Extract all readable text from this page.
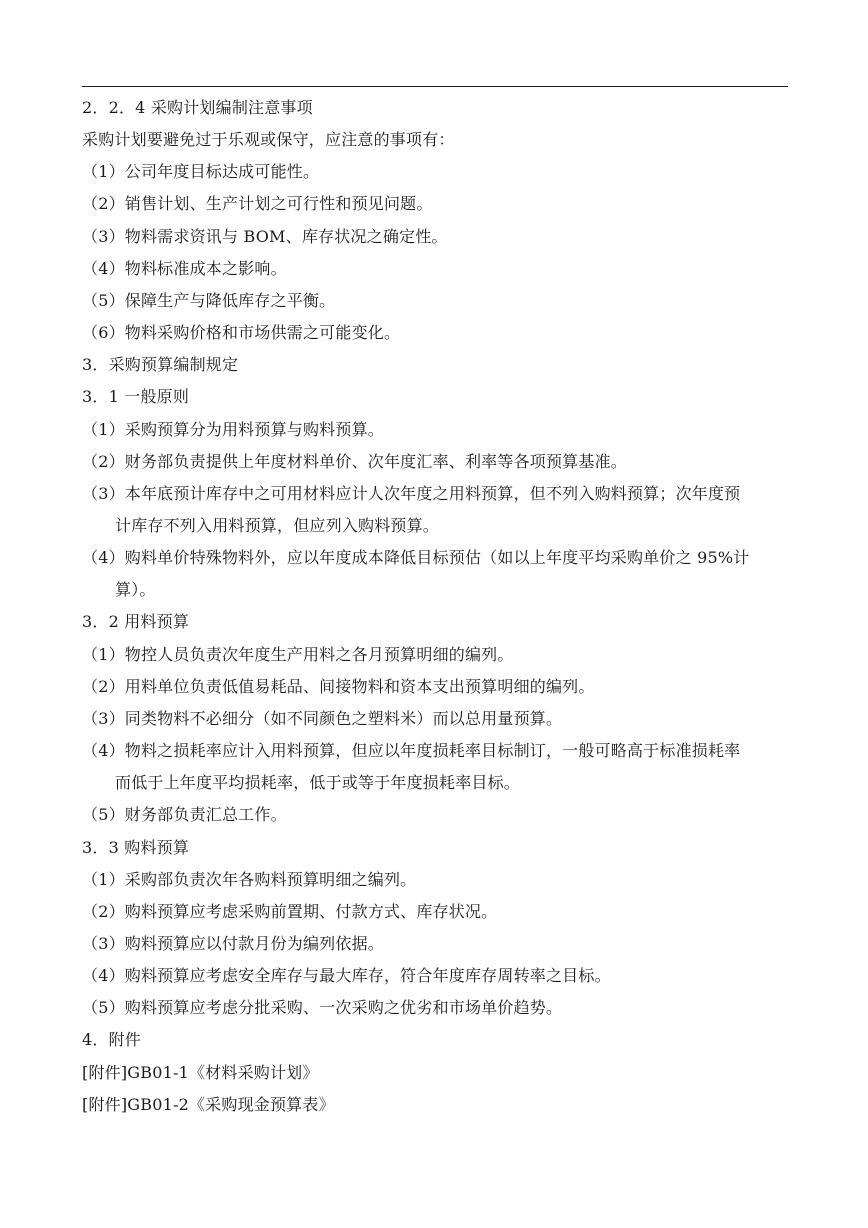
2．2．4 采购计划编制注意事项
采购计划要避免过于乐观或保守，应注意的事项有：
（1）公司年度目标达成可能性。
（2）销售计划、生产计划之可行性和预见问题。
（3）物料需求资讯与 BOM、库存状况之确定性。
（4）物料标准成本之影响。
（5）保障生产与降低库存之平衡。
（6）物料采购价格和市场供需之可能变化。
3．采购预算编制规定
3．1 一般原则
（1）采购预算分为用料预算与购料预算。
（2）财务部负责提供上年度材料单价、次年度汇率、利率等各项预算基准。
（3）本年底预计库存中之可用材料应计人次年度之用料预算，但不列入购料预算；次年度预
计库存不列入用料预算，但应列入购料预算。
（4）购料单价特殊物料外，应以年度成本降低目标预估（如以上年度平均采购单价之 95%计
算）。
3．2 用料预算
（1）物控人员负责次年度生产用料之各月预算明细的编列。
（2）用料单位负责低值易耗品、间接物料和资本支出预算明细的编列。
（3）同类物料不必细分（如不同颜色之塑料米）而以总用量预算。
（4）物料之损耗率应计入用料预算，但应以年度损耗率目标制订，一般可略高于标准损耗率
而低于上年度平均损耗率，低于或等于年度损耗率目标。
（5）财务部负责汇总工作。
3．3 购料预算
（1）采购部负责次年各购料预算明细之编列。
（2）购料预算应考虑采购前置期、付款方式、库存状况。
（3）购料预算应以付款月份为编列依据。
（4）购料预算应考虑安全库存与最大库存，符合年度库存周转率之目标。
（5）购料预算应考虑分批采购、一次采购之优劣和市场单价趋势。
4．附件
[附件]GB01-1《材料采购计划》
[附件]GB01-2《采购现金预算表》
